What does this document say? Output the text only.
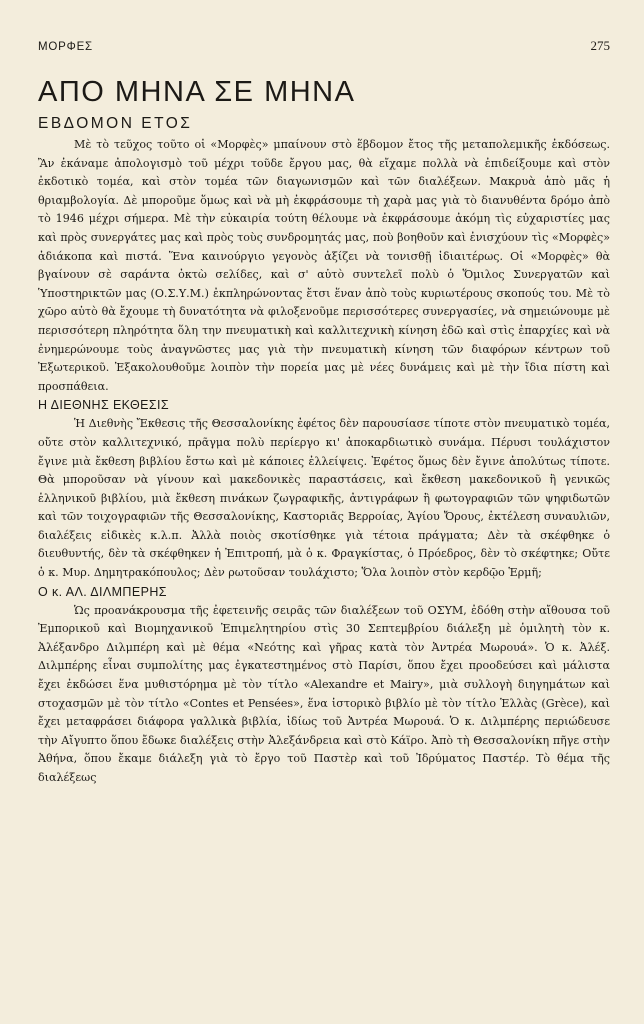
ΜΟΡΦΕΣ	275
ΑΠΟ ΜΗΝΑ ΣΕ ΜΗΝΑ
ΕΒΔΟΜΟΝ ΕΤΟΣ

Μὲ τὸ τεῦχος τοῦτο οἱ «Μορφὲς» μπαίνουν στὸ ἕβδομον ἔτος τῆς μεταπολεμικῆς ἐκδόσεως. Ἂν ἐκάναμε ἀπολογισμὸ τοῦ μέχρι τοῦδε ἔργου μας, θὰ εἴχαμε πολλὰ νὰ ἐπιδείξουμε καὶ στὸν ἐκδοτικὸ τομέα, καὶ στὸν τομέα τῶν διαγωνισμῶν καὶ τῶν διαλέξεων. Μακρυὰ ἀπὸ μᾶς ἡ θριαμβολογία. Δὲ μποροῦμε ὅμως καὶ νὰ μὴ ἐκφράσουμε τὴ χαρὰ μας γιὰ τὸ διανυθέντα δρόμο ἀπὸ τὸ 1946 μέχρι σήμερα. Μὲ τὴν εὐκαιρία τούτη θέλουμε νὰ ἐκφράσουμε ἀκόμη τὶς εὐχαριστίες μας καὶ πρὸς συνεργάτες μας καὶ πρὸς τοὺς συνδρομητάς μας, ποὺ βοηθοῦν καὶ ἐνισχύουν τὶς «Μορφὲς» ἀδιάκοπα καὶ πιστά. Ἕνα καινούργιο γεγονὸς ἀξίζει νὰ τονισθῇ ἰδιαιτέρως. Οἱ «Μορφὲς» θὰ βγαίνουν σὲ σαράντα ὀκτὼ σελίδες, καὶ σ' αὐτὸ συντελεῖ πολὺ ὁ Ὅμιλος Συνεργατῶν καὶ Ὑποστηρικτῶν μας (Ο.Σ.Υ.Μ.) ἐκπληρώνοντας ἔτσι ἕναν ἀπὸ τοὺς κυριωτέρους σκοπούς του. Μὲ τὸ χῶρο αὐτὸ θὰ ἔχουμε τὴ δυνατότητα νὰ φιλοξενοῦμε περισσότερες συνεργασίες, νὰ σημειώνουμε μὲ περισσότερη πληρότητα ὅλη την πνευματικὴ καὶ καλλιτεχνικὴ κίνηση ἐδῶ καὶ στὶς ἐπαρχίες καὶ νὰ ἐνημερώνουμε τοὺς ἀναγνῶστες μας γιὰ τὴν πνευματικὴ κίνηση τῶν διαφόρων κέντρων τοῦ Ἐξωτερικοῦ. Ἐξακολουθοῦμε λοιπὸν τὴν πορεία μας μὲ νέες δυνάμεις καὶ μὲ τὴν ἴδια πίστη καὶ προσπάθεια.

Η ΔΙΕΘΝΗΣ ΕΚΘΕΣΙΣ

Ἡ Διεθνὴς Ἔκθεσις τῆς Θεσσαλονίκης ἐφέτος δὲν παρουσίασε τίποτε στὸν πνευματικὸ τομέα, οὔτε στὸν καλλιτεχνικό, πρᾶγμα πολὺ περίεργο κι' ἀποκαρδιωτικὸ συνάμα. Πέρυσι τουλάχιστον ἔγινε μιὰ ἔκθεση βιβλίου ἔστω καὶ μὲ κάποιες ἐλλείψεις. Ἐφέτος ὅμως δὲν ἔγινε ἀπολύτως τίποτε. Θὰ μποροῦσαν νὰ γίνουν καὶ μακεδονικὲς παραστάσεις, καὶ ἔκθεση μακεδονικοῦ ἢ γενικῶς ἑλληνικοῦ βιβλίου, μιὰ ἔκθεση πινάκων ζωγραφικῆς, ἀντιγράφων ἢ φωτογραφιῶν τῶν ψηφιδωτῶν καὶ τῶν τοιχογραφιῶν τῆς Θεσσαλονίκης, Καστοριᾶς Βερροίας, Ἁγίου Ὄρους, ἐκτέλεση συναυλιῶν, διαλέξεις εἰδικὲς κ.λ.π. Ἀλλὰ ποιὸς σκοτίσθηκε γιὰ τέτοια πράγματα; Δὲν τὰ σκέφθηκε ὁ διευθυντής, δὲν τὰ σκέφθηκεν ἡ Ἐπιτροπή, μὰ ὁ κ. Φραγκίστας, ὁ Πρόεδρος, δὲν τὸ σκέφτηκε; Οὔτε ὁ κ. Μυρ. Δημητρακόπουλος; Δὲν ρωτοῦσαν τουλάχιστο; Ὅλα λοιπὸν στὸν κερδῷο Ἑρμῆ;

Ο κ. ΑΛ. ΔΙΛΜΠΕΡΗΣ

Ὡς προανάκρουσμα τῆς ἐφετεινῆς σειρᾶς τῶν διαλέξεων τοῦ ΟΣΥΜ, ἐδόθη στὴν αἴθουσα τοῦ Ἐμπορικοῦ καὶ Βιομηχανικοῦ Ἐπιμελητηρίου στὶς 30 Σεπτεμβρίου διάλεξη μὲ ὁμιλητὴ τὸν κ. Ἀλέξανδρο Διλμπέρη καὶ μὲ θέμα «Νεότης καὶ γῆρας κατὰ τὸν Ἀντρέα Μωρουά». Ὁ κ. Ἀλέξ. Διλμπέρης εἶναι συμπολίτης μας ἐγκατεστημένος στὸ Παρίσι, ὅπου ἔχει προοδεύσει καὶ μάλιστα ἔχει ἐκδώσει ἕνα μυθιστόρημα μὲ τὸν τίτλο «Alexandre et Mairy», μιὰ συλλογὴ διηγημάτων καὶ στοχασμῶν μὲ τὸν τίτλο «Contes et Pensées», ἕνα ἱστορικὸ βιβλίο μὲ τὸν τίτλο Ἑλλὰς (Grèce), καὶ ἔχει μεταφράσει διάφορα γαλλικὰ βιβλία, ἰδίως τοῦ Ἀντρέα Μωρουά. Ὁ κ. Διλμπέρης περιώδευσε τὴν Αἴγυπτο ὅπου ἔδωκε διαλέξεις στὴν Ἀλεξάνδρεια καὶ στὸ Κάϊρο. Ἀπὸ τὴ Θεσσαλονίκη πῆγε στὴν Ἀθήνα, ὅπου ἔκαμε διάλεξη γιὰ τὸ ἔργο τοῦ Παστὲρ καὶ τοῦ Ἰδρύματος Παστέρ. Τὸ θέμα τῆς διαλέξεως
